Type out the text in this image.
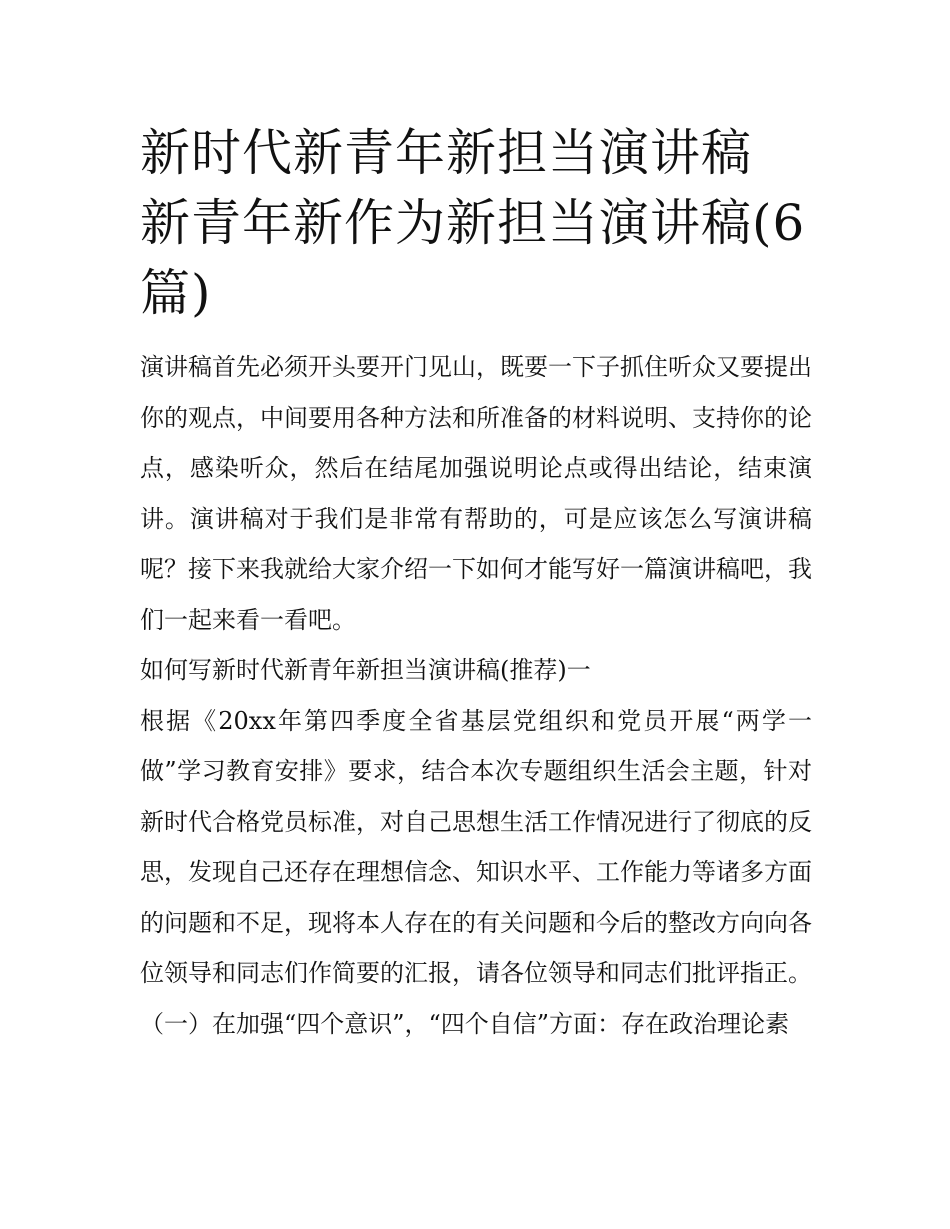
新时代新青年新担当演讲稿 新青年新作为新担当演讲稿(6篇)

演讲稿首先必须开头要开门见山，既要一下子抓住听众又要提出你的观点，中间要用各种方法和所准备的材料说明、支持你的论点，感染听众，然后在结尾加强说明论点或得出结论，结束演讲。演讲稿对于我们是非常有帮助的，可是应该怎么写演讲稿呢？接下来我就给大家介绍一下如何才能写好一篇演讲稿吧，我们一起来看一看吧。

如何写新时代新青年新担当演讲稿(推荐)一

根据《20xx年第四季度全省基层党组织和党员开展“两学一做”学习教育安排》要求，结合本次专题组织生活会主题，针对新时代合格党员标准，对自己思想生活工作情况进行了彻底的反思，发现自己还存在理想信念、知识水平、工作能力等诸多方面的问题和不足，现将本人存在的有关问题和今后的整改方向向各位领导和同志们作简要的汇报，请各位领导和同志们批评指正。

（一）在加强“四个意识”，“四个自信”方面：存在政治理论素
